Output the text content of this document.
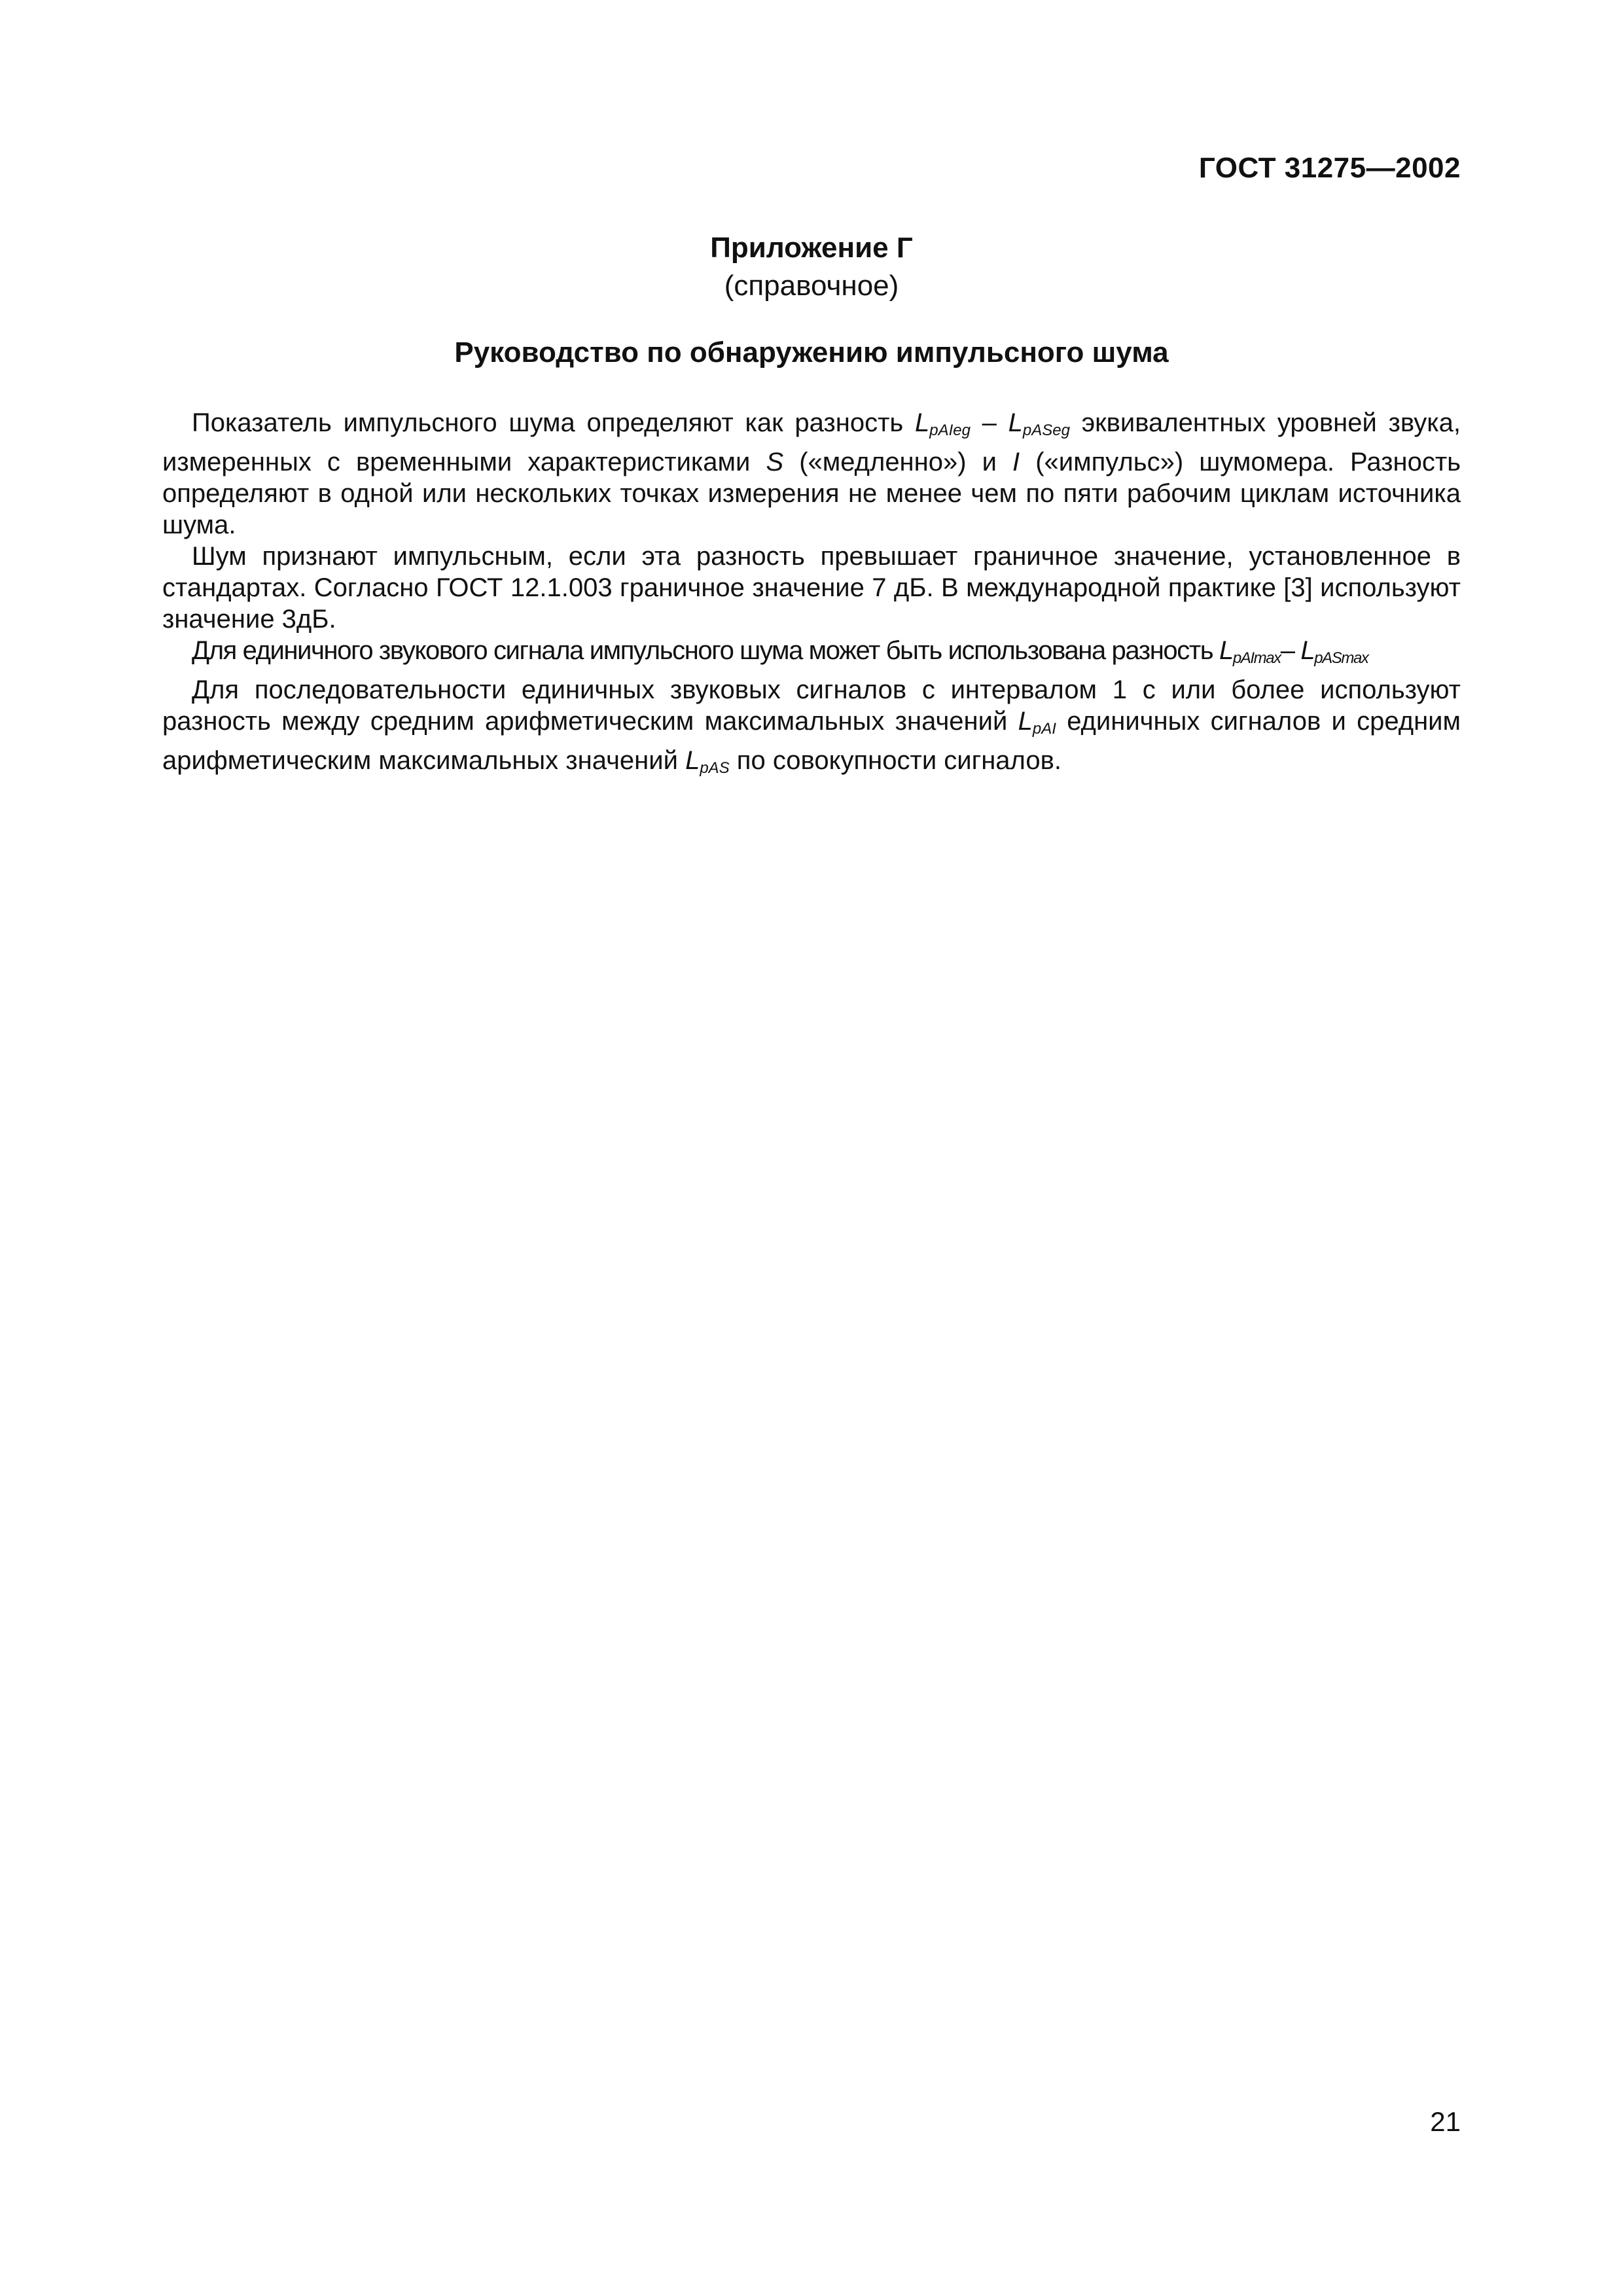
ГОСТ 31275—2002
Приложение Г
(справочное)
Руководство по обнаружению импульсного шума

Показатель импульсного шума определяют как разность $L_{pAIeg} - L_{pASeg}$ эквивалентных уровней звука, измеренных с временными характеристиками S («медленно») и I («импульс») шумомера. Разность определяют в одной или нескольких точках измерения не менее чем по пяти рабочим циклам источника шума.

Шум признают импульсным, если эта разность превышает граничное значение, установленное в стандартах. Согласно ГОСТ 12.1.003 граничное значение 7 дБ. В международной практике [3] используют значение 3дБ.

Для единичного звукового сигнала импульсного шума может быть использована разность $L_{pAImax}-$ $L_{pASmax}$

Для последовательности единичных звуковых сигналов с интервалом 1 с или более используют разность между средним арифметическим максимальных значений $L_{pAI}$ единичных сигналов и средним арифметическим максимальных значений $L_{pAS}$ по совокупности сигналов.

21
